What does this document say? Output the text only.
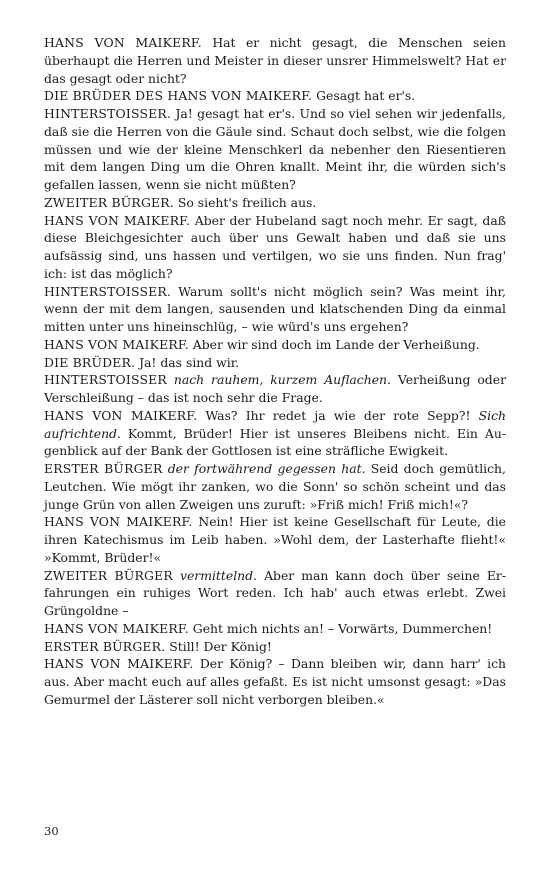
HANS VON MAIKERF. Hat er nicht gesagt, die Menschen seien überhaupt die Herren und Meister in dieser unsrer Himmelswelt? Hat er das gesagt oder nicht?

DIE BRÜDER DES HANS VON MAIKERF. Gesagt hat er's.

HINTERSTOISSER. Ja! gesagt hat er's. Und so viel sehen wir jedenfalls, daß sie die Herren von die Gäule sind. Schaut doch selbst, wie die folgen müssen und wie der kleine Menschkerl da nebenher den Riesentieren mit dem langen Ding um die Ohren knallt. Meint ihr, die würden sich's gefallen lassen, wenn sie nicht müßten?

ZWEITER BÜRGER. So sieht's freilich aus.

HANS VON MAIKERF. Aber der Hubeland sagt noch mehr. Er sagt, daß diese Bleichgesichter auch über uns Gewalt haben und daß sie uns aufsässig sind, uns hassen und vertilgen, wo sie uns finden. Nun frag' ich: ist das möglich?

HINTERSTOISSER. Warum sollt's nicht möglich sein? Was meint ihr, wenn der mit dem langen, sausenden und klatschenden Ding da einmal mitten unter uns hineinschlüg, – wie würd's uns ergehen?

HANS VON MAIKERF. Aber wir sind doch im Lande der Verheißung.

DIE BRÜDER. Ja! das sind wir.

HINTERSTOISSER nach rauhem, kurzem Auflachen. Verheißung oder Verschleißung – das ist noch sehr die Frage.

HANS VON MAIKERF. Was? Ihr redet ja wie der rote Sepp?! Sich aufrichtend. Kommt, Brüder! Hier ist unseres Bleibens nicht. Ein Augenblick auf der Bank der Gottlosen ist eine sträfliche Ewigkeit.

ERSTER BÜRGER der fortwährend gegessen hat. Seid doch gemütlich, Leutchen. Wie mögt ihr zanken, wo die Sonn' so schön scheint und das junge Grün von allen Zweigen uns zuruft: »Friß mich! Friß mich!«?

HANS VON MAIKERF. Nein! Hier ist keine Gesellschaft für Leute, die ihren Katechismus im Leib haben. »Wohl dem, der Lasterhafte flieht!« »Kommt, Brüder!«

ZWEITER BÜRGER vermittelnd. Aber man kann doch über seine Erfahrungen ein ruhiges Wort reden. Ich hab' auch etwas erlebt. Zwei Grüngoldne –

HANS VON MAIKERF. Geht mich nichts an! – Vorwärts, Dummerchen!

ERSTER BÜRGER. Still! Der König!

HANS VON MAIKERF. Der König? – Dann bleiben wir, dann harr' ich aus. Aber macht euch auf alles gefaßt. Es ist nicht umsonst gesagt: »Das Gemurmel der Lästerer soll nicht verborgen bleiben.«

30
